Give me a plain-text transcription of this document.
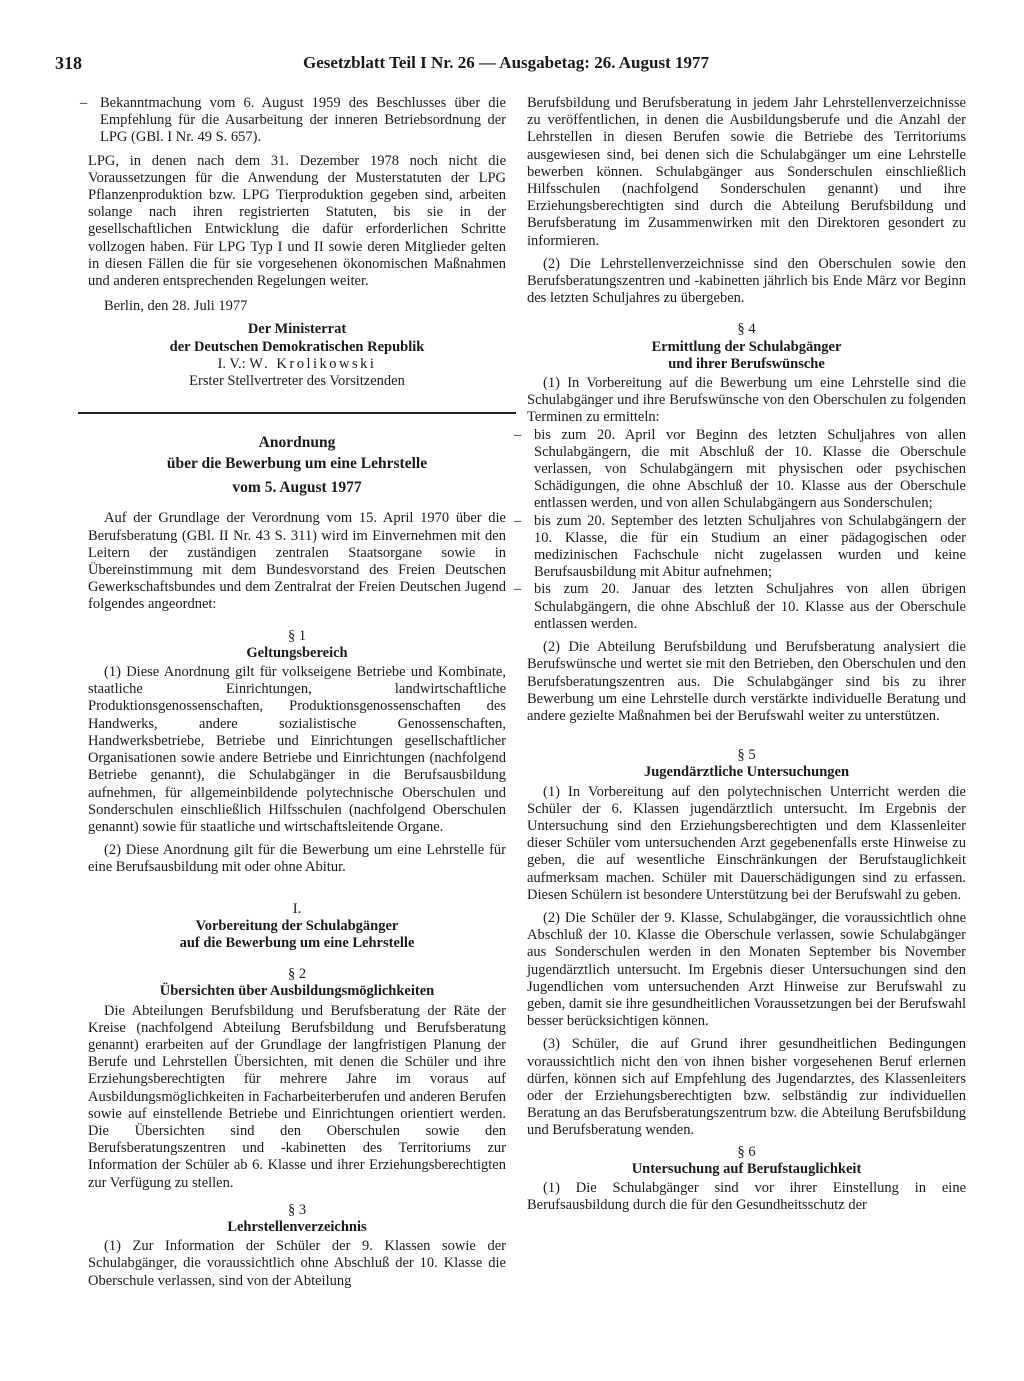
318	Gesetzblatt Teil I Nr. 26 — Ausgabetag: 26. August 1977

– Bekanntmachung vom 6. August 1959 des Beschlusses über die Empfehlung für die Ausarbeitung der inneren Betriebsordnung der LPG (GBl. I Nr. 49 S. 657).

LPG, in denen nach dem 31. Dezember 1978 noch nicht die Voraussetzungen für die Anwendung der Musterstatuten der LPG Pflanzenproduktion bzw. LPG Tierproduktion gegeben sind, arbeiten solange nach ihren registrierten Statuten, bis sie in der gesellschaftlichen Entwicklung die dafür erforderlichen Schritte vollzogen haben. Für LPG Typ I und II sowie deren Mitglieder gelten in diesen Fällen die für sie vorgesehenen ökonomischen Maßnahmen und anderen entsprechenden Regelungen weiter.

Berlin, den 28. Juli 1977

Der Ministerrat
der Deutschen Demokratischen Republik
I. V.: W. Krolikowski
Erster Stellvertreter des Vorsitzenden
Anordnung
über die Bewerbung um eine Lehrstelle
vom 5. August 1977

Auf der Grundlage der Verordnung vom 15. April 1970 über die Berufsberatung (GBl. II Nr. 43 S. 311) wird im Einvernehmen mit den Leitern der zuständigen zentralen Staatsorgane sowie in Übereinstimmung mit dem Bundesvorstand des Freien Deutschen Gewerkschaftsbundes und dem Zentralrat der Freien Deutschen Jugend folgendes angeordnet:

§ 1
Geltungsbereich

(1) Diese Anordnung gilt für volkseigene Betriebe und Kombinate, staatliche Einrichtungen, landwirtschaftliche Produktionsgenossenschaften, Produktionsgenossenschaften des Handwerks, andere sozialistische Genossenschaften, Handwerksbetriebe, Betriebe und Einrichtungen gesellschaftlicher Organisationen sowie andere Betriebe und Einrichtungen (nachfolgend Betriebe genannt), die Schulabgänger in die Berufsausbildung aufnehmen, für allgemeinbildende polytechnische Oberschulen und Sonderschulen einschließlich Hilfsschulen (nachfolgend Oberschulen genannt) sowie für staatliche und wirtschaftsleitende Organe.

(2) Diese Anordnung gilt für die Bewerbung um eine Lehrstelle für eine Berufsausbildung mit oder ohne Abitur.

I.
Vorbereitung der Schulabgänger
auf die Bewerbung um eine Lehrstelle
§ 2
Übersichten über Ausbildungsmöglichkeiten

Die Abteilungen Berufsbildung und Berufsberatung der Räte der Kreise (nachfolgend Abteilung Berufsbildung und Berufsberatung genannt) erarbeiten auf der Grundlage der langfristigen Planung der Berufe und Lehrstellen Übersichten, mit denen die Schüler und ihre Erziehungsberechtigten für mehrere Jahre im voraus auf Ausbildungsmöglichkeiten in Facharbeiterberufen und anderen Berufen sowie auf einstellende Betriebe und Einrichtungen orientiert werden. Die Übersichten sind den Oberschulen sowie den Berufsberatungszentren und -kabinetten des Territoriums zur Information der Schüler ab 6. Klasse und ihrer Erziehungsberechtigten zur Verfügung zu stellen.

§ 3
Lehrstellenverzeichnis

(1) Zur Information der Schüler der 9. Klassen sowie der Schulabgänger, die voraussichtlich ohne Abschluß der 10. Klasse die Oberschule verlassen, sind von der Abteilung

Berufsbildung und Berufsberatung in jedem Jahr Lehrstellenverzeichnisse zu veröffentlichen, in denen die Ausbildungsberufe und die Anzahl der Lehrstellen in diesen Berufen sowie die Betriebe des Territoriums ausgewiesen sind, bei denen sich die Schulabgänger um eine Lehrstelle bewerben können. Schulabgänger aus Sonderschulen einschließlich Hilfsschulen (nachfolgend Sonderschulen genannt) und ihre Erziehungsberechtigten sind durch die Abteilung Berufsbildung und Berufsberatung im Zusammenwirken mit den Direktoren gesondert zu informieren.

(2) Die Lehrstellenverzeichnisse sind den Oberschulen sowie den Berufsberatungszentren und -kabinetten jährlich bis Ende März vor Beginn des letzten Schuljahres zu übergeben.

§ 4
Ermittlung der Schulabgänger
und ihrer Berufswünsche

(1) In Vorbereitung auf die Bewerbung um eine Lehrstelle sind die Schulabgänger und ihre Berufswünsche von den Oberschulen zu folgenden Terminen zu ermitteln:

– bis zum 20. April vor Beginn des letzten Schuljahres von allen Schulabgängern, die mit Abschluß der 10. Klasse die Oberschule verlassen, von Schulabgängern mit physischen oder psychischen Schädigungen, die ohne Abschluß der 10. Klasse aus der Oberschule entlassen werden, und von allen Schulabgängern aus Sonderschulen;

– bis zum 20. September des letzten Schuljahres von Schulabgängern der 10. Klasse, die für ein Studium an einer pädagogischen oder medizinischen Fachschule nicht zugelassen wurden und keine Berufsausbildung mit Abitur aufnehmen;

– bis zum 20. Januar des letzten Schuljahres von allen übrigen Schulabgängern, die ohne Abschluß der 10. Klasse aus der Oberschule entlassen werden.

(2) Die Abteilung Berufsbildung und Berufsberatung analysiert die Berufswünsche und wertet sie mit den Betrieben, den Oberschulen und den Berufsberatungszentren aus. Die Schulabgänger sind bis zu ihrer Bewerbung um eine Lehrstelle durch verstärkte individuelle Beratung und andere gezielte Maßnahmen bei der Berufswahl weiter zu unterstützen.

§ 5
Jugendärztliche Untersuchungen

(1) In Vorbereitung auf den polytechnischen Unterricht werden die Schüler der 6. Klassen jugendärztlich untersucht. Im Ergebnis der Untersuchung sind den Erziehungsberechtigten und dem Klassenleiter dieser Schüler vom untersuchenden Arzt gegebenenfalls erste Hinweise zu geben, die auf wesentliche Einschränkungen der Berufstauglichkeit aufmerksam machen. Schüler mit Dauerschädigungen sind zu erfassen. Diesen Schülern ist besondere Unterstützung bei der Berufswahl zu geben.

(2) Die Schüler der 9. Klasse, Schulabgänger, die voraussichtlich ohne Abschluß der 10. Klasse die Oberschule verlassen, sowie Schulabgänger aus Sonderschulen werden in den Monaten September bis November jugendärztlich untersucht. Im Ergebnis dieser Untersuchungen sind den Jugendlichen vom untersuchenden Arzt Hinweise zur Berufswahl zu geben, damit sie ihre gesundheitlichen Voraussetzungen bei der Berufswahl besser berücksichtigen können.

(3) Schüler, die auf Grund ihrer gesundheitlichen Bedingungen voraussichtlich nicht den von ihnen bisher vorgesehenen Beruf erlernen dürfen, können sich auf Empfehlung des Jugendarztes, des Klassenleiters oder der Erziehungsberechtigten bzw. selbständig zur individuellen Beratung an das Berufsberatungszentrum bzw. die Abteilung Berufsbildung und Berufsberatung wenden.

§ 6
Untersuchung auf Berufstauglichkeit

(1) Die Schulabgänger sind vor ihrer Einstellung in eine Berufsausbildung durch die für den Gesundheitsschutz der
